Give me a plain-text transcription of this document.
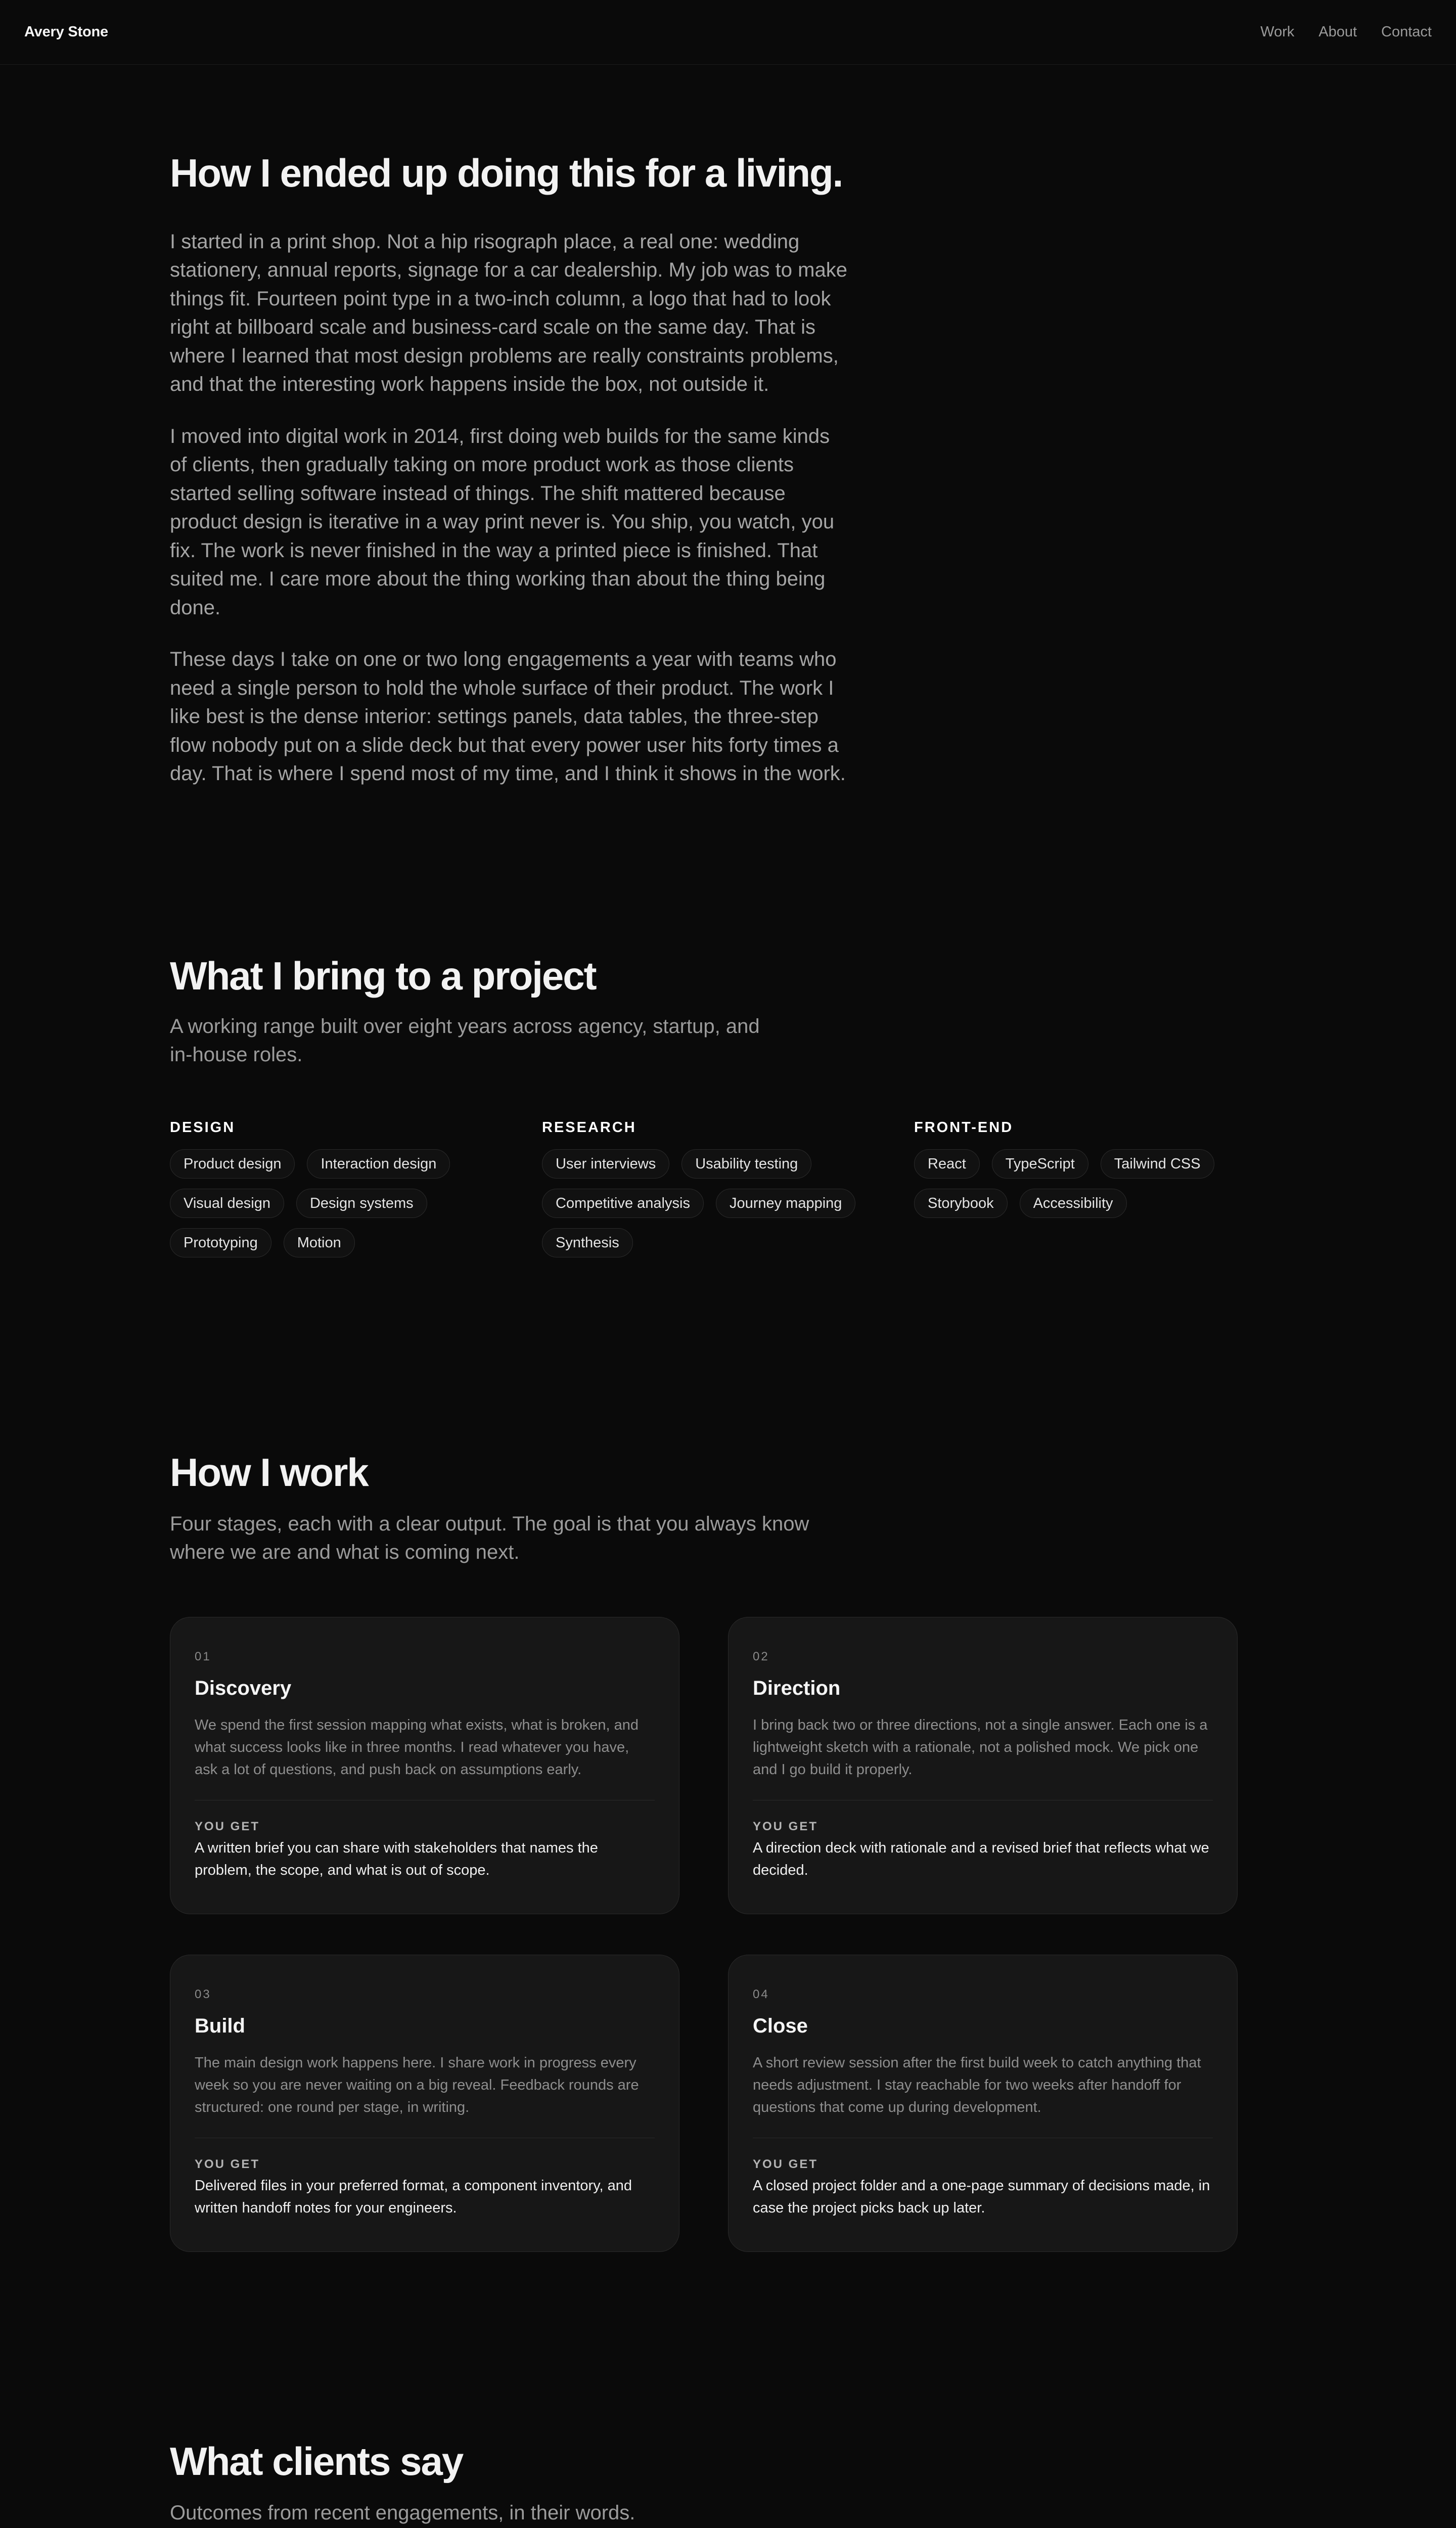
Avery Stone	Work About Contact
How I ended up doing this for a living.

I started in a print shop. Not a hip risograph place, a real one: wedding stationery, annual reports, signage for a car dealership. My job was to make things fit. Fourteen point type in a two-inch column, a logo that had to look right at billboard scale and business-card scale on the same day. That is where I learned that most design problems are really constraints problems, and that the interesting work happens inside the box, not outside it.

I moved into digital work in 2014, first doing web builds for the same kinds of clients, then gradually taking on more product work as those clients started selling software instead of things. The shift mattered because product design is iterative in a way print never is. You ship, you watch, you fix. The work is never finished in the way a printed piece is finished. That suited me. I care more about the thing working than about the thing being done.

These days I take on one or two long engagements a year with teams who need a single person to hold the whole surface of their product. The work I like best is the dense interior: settings panels, data tables, the three-step flow nobody put on a slide deck but that every power user hits forty times a day. That is where I spend most of my time, and I think it shows in the work.

What I bring to a project

A working range built over eight years across agency, startup, and in-house roles.

DESIGN
Product design	Interaction design
Visual design	Design systems
Prototyping	Motion
RESEARCH
User interviews	Usability testing
Competitive analysis	Journey mapping
Synthesis
FRONT-END
React	TypeScript	Tailwind CSS
Storybook	Accessibility
How I work

Four stages, each with a clear output. The goal is that you always know where we are and what is coming next.

01
Discovery
We spend the first session mapping what exists, what is broken, and what success looks like in three months. I read whatever you have, ask a lot of questions, and push back on assumptions early.
YOU GET
A written brief you can share with stakeholders that names the problem, the scope, and what is out of scope.
02
Direction
I bring back two or three directions, not a single answer. Each one is a lightweight sketch with a rationale, not a polished mock. We pick one and I go build it properly.
YOU GET
A direction deck with rationale and a revised brief that reflects what we decided.
03
Build
The main design work happens here. I share work in progress every week so you are never waiting on a big reveal. Feedback rounds are structured: one round per stage, in writing.
YOU GET
Delivered files in your preferred format, a component inventory, and written handoff notes for your engineers.
04
Close
A short review session after the first build week to catch anything that needs adjustment. I stay reachable for two weeks after handoff for questions that come up during development.
YOU GET
A closed project folder and a one-page summary of decisions made, in case the project picks back up later.
What clients say

Outcomes from recent engagements, in their words.
